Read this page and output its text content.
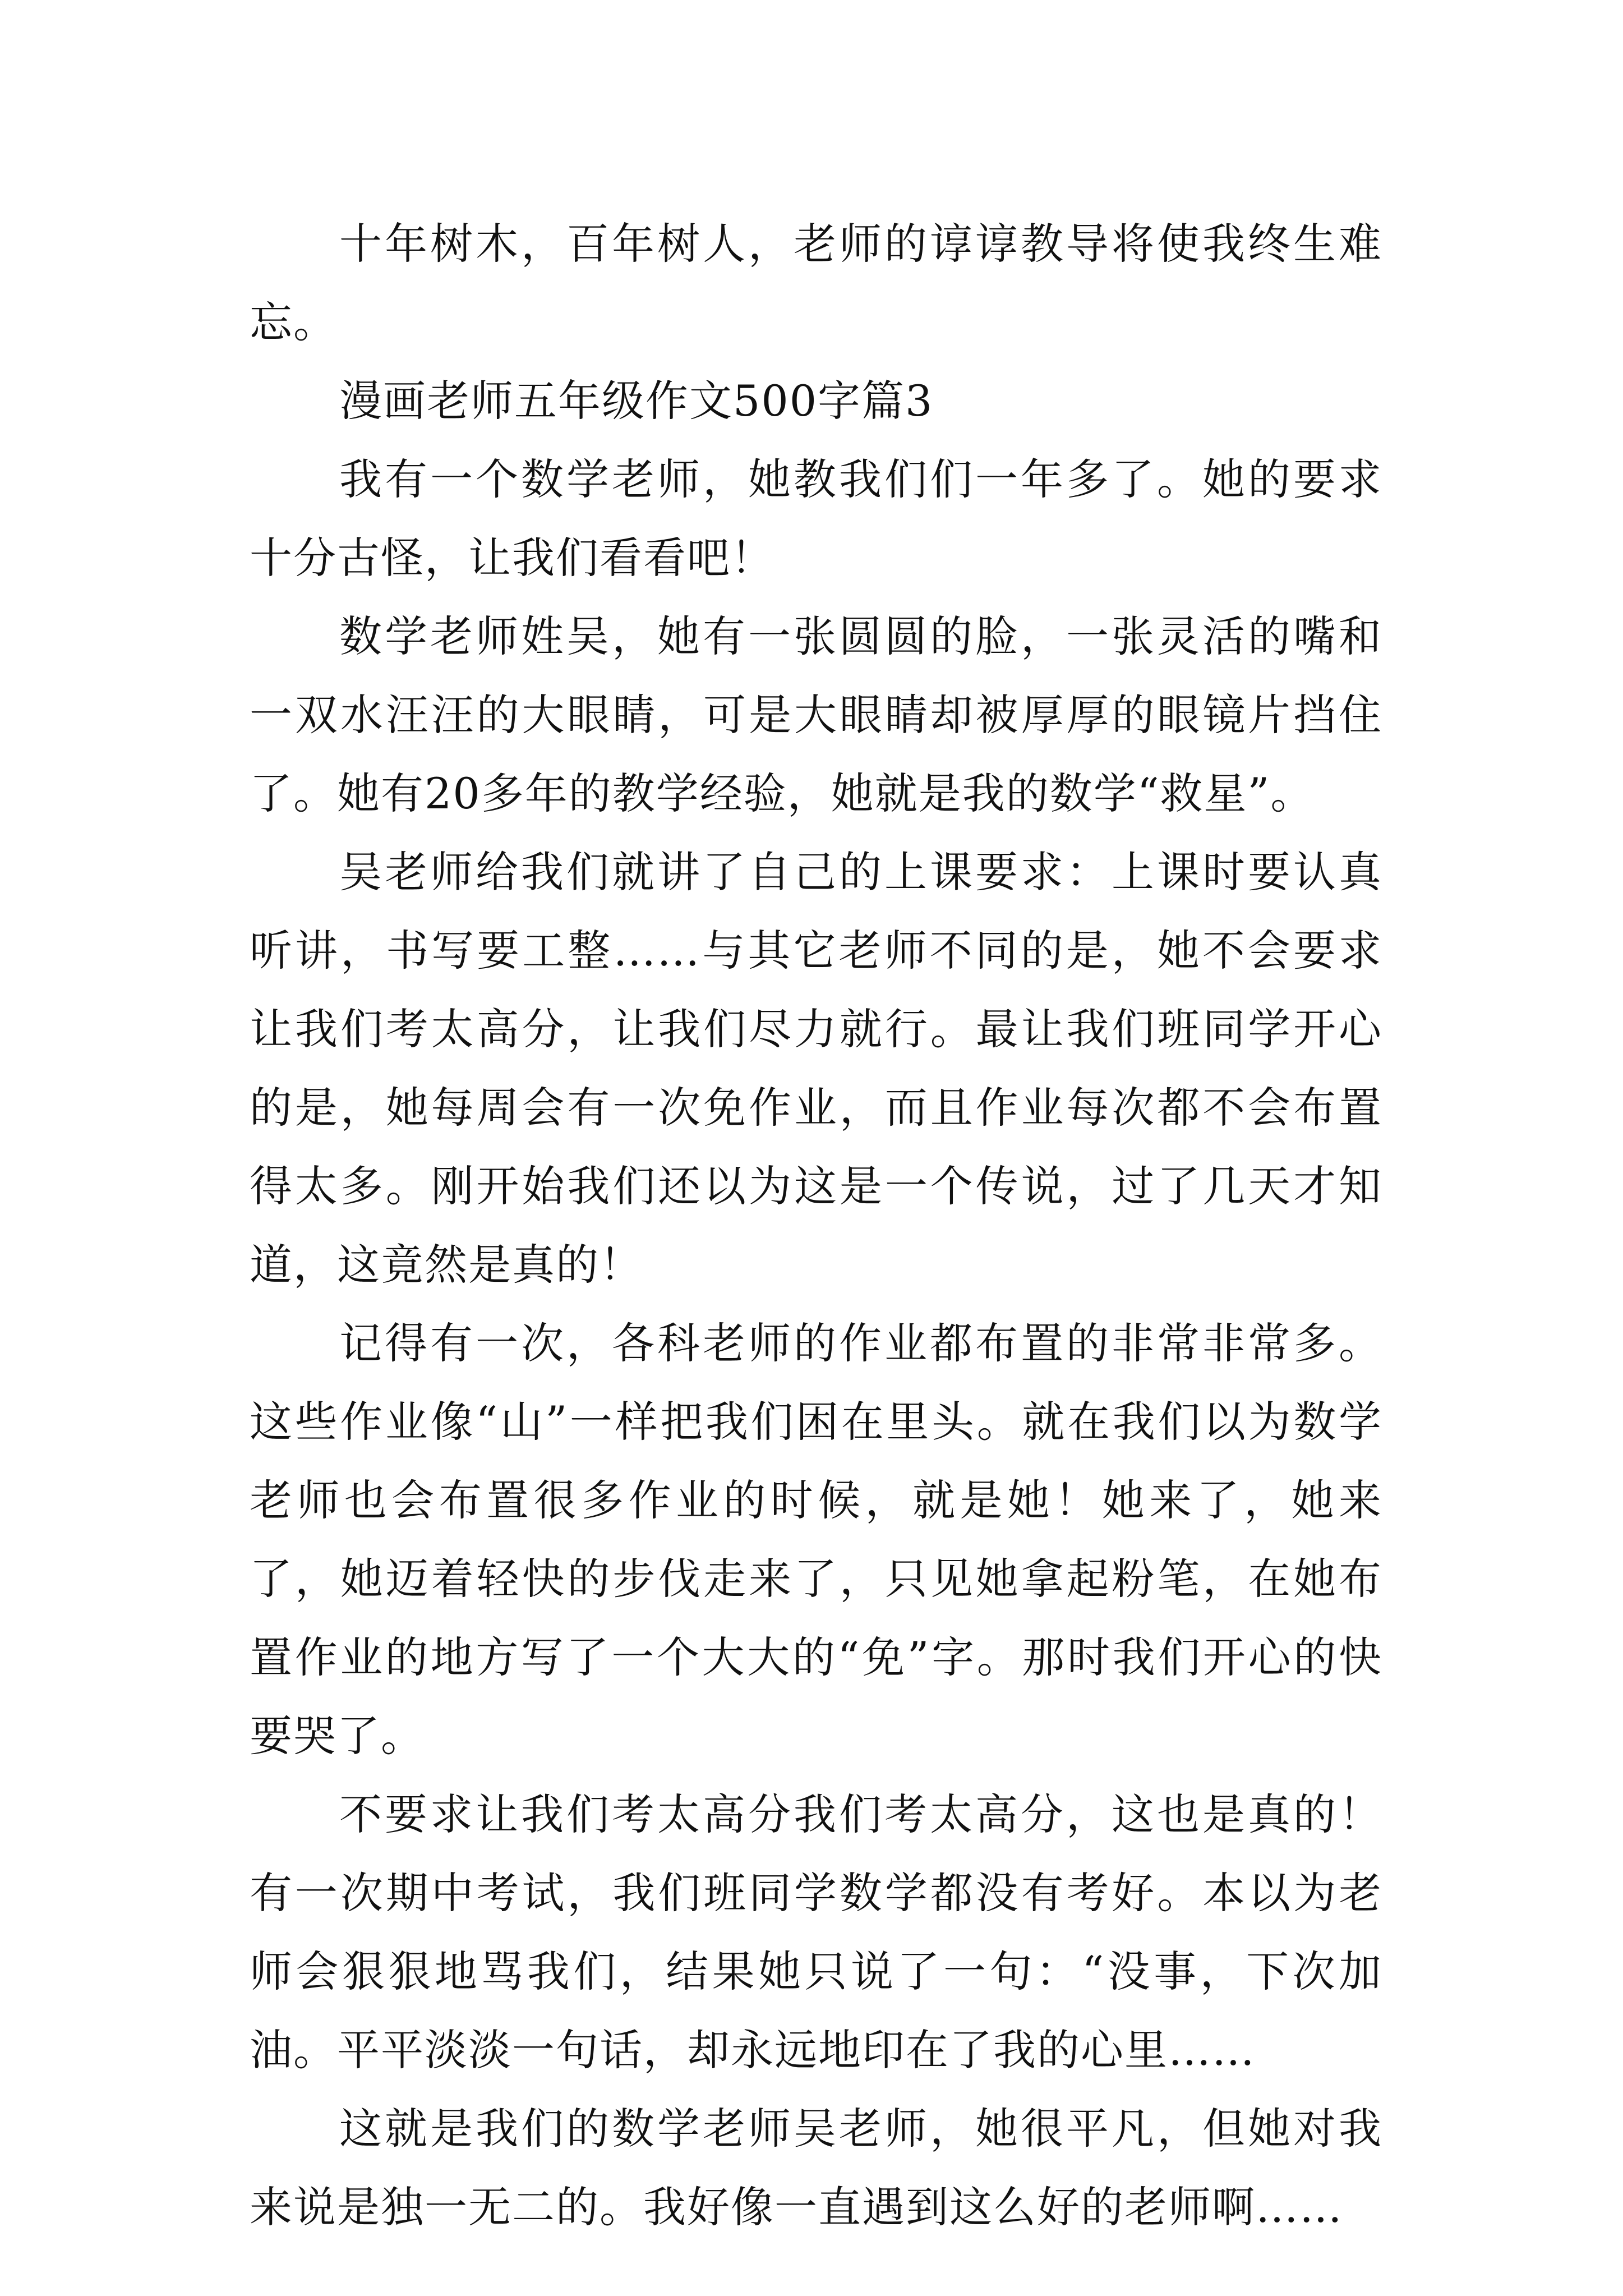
十年树木，百年树人，老师的谆谆教导将使我终生难忘。

漫画老师五年级作文500字篇3

我有一个数学老师，她教我们们一年多了。她的要求十分古怪，让我们看看吧！

数学老师姓吴，她有一张圆圆的脸，一张灵活的嘴和一双水汪汪的大眼睛，可是大眼睛却被厚厚的眼镜片挡住了。她有20多年的教学经验，她就是我的数学“救星”。

吴老师给我们就讲了自己的上课要求：上课时要认真听讲，书写要工整……与其它老师不同的是，她不会要求让我们考太高分，让我们尽力就行。最让我们班同学开心的是，她每周会有一次免作业，而且作业每次都不会布置得太多。刚开始我们还以为这是一个传说，过了几天才知道，这竟然是真的！

记得有一次，各科老师的作业都布置的非常非常多。这些作业像“山”一样把我们困在里头。就在我们以为数学老师也会布置很多作业的时候，就是她！她来了，她来了，她迈着轻快的步伐走来了，只见她拿起粉笔，在她布置作业的地方写了一个大大的“免”字。那时我们开心的快要哭了。

不要求让我们考太高分我们考太高分，这也是真的！有一次期中考试，我们班同学数学都没有考好。本以为老师会狠狠地骂我们，结果她只说了一句：“没事，下次加油。平平淡淡一句话，却永远地印在了我的心里……

这就是我们的数学老师吴老师，她很平凡，但她对我来说是独一无二的。我好像一直遇到这么好的老师啊……
